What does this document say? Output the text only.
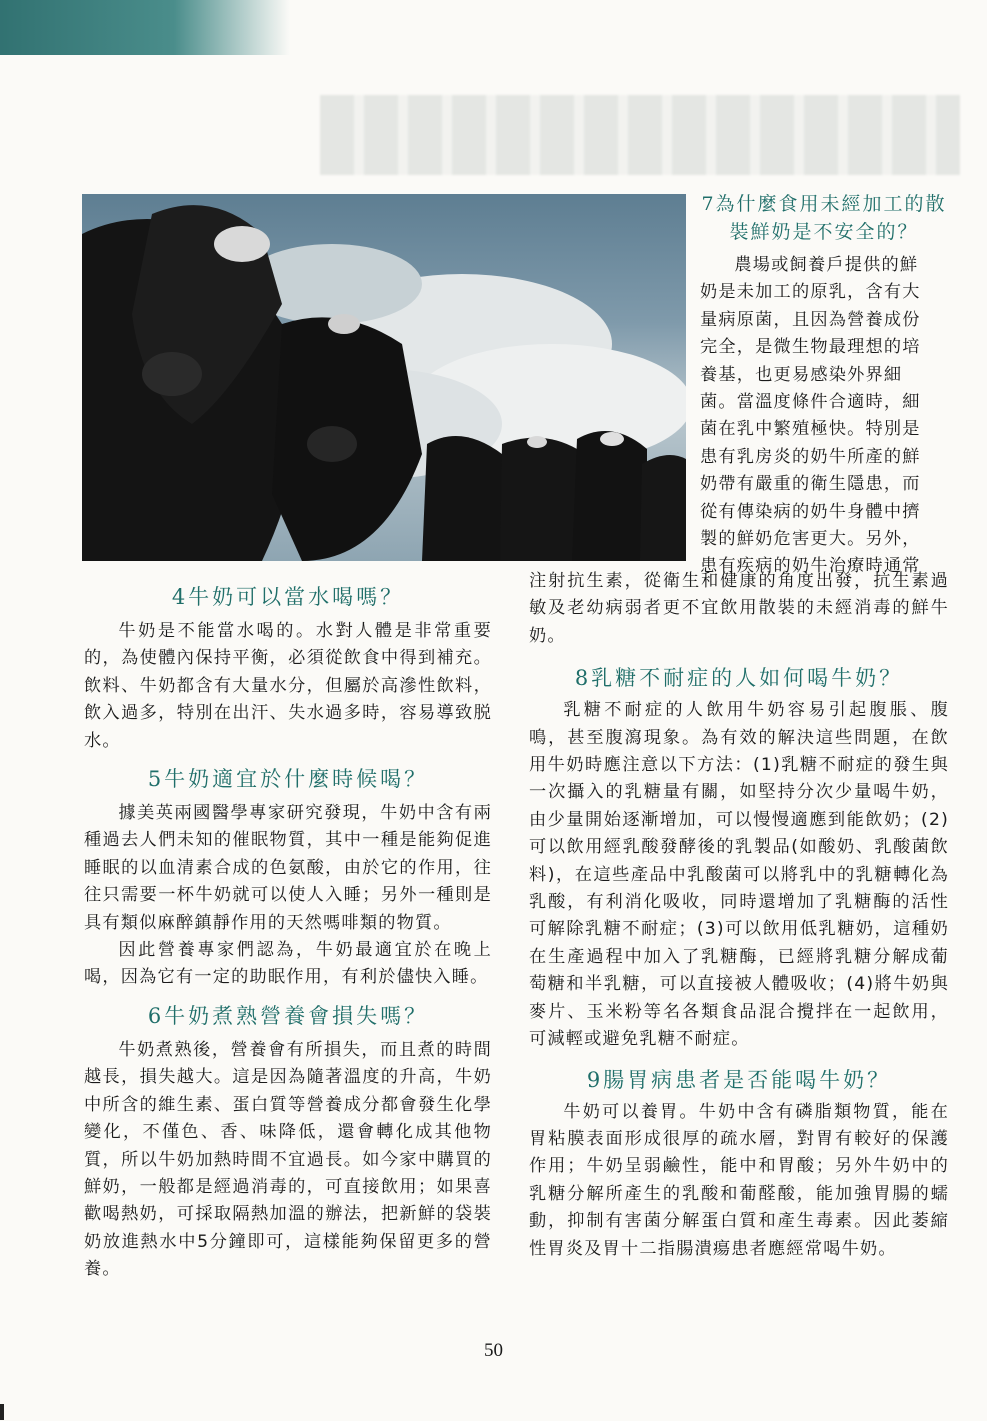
7為什麼食用未經加工的散
裝鮮奶是不安全的？
農場或飼養戶提供的鮮
奶是未加工的原乳，含有大
量病原菌，且因為營養成份
完全，是微生物最理想的培
養基，也更易感染外界細
菌。當溫度條件合適時，細
菌在乳中繁殖極快。特別是
患有乳房炎的奶牛所產的鮮
奶帶有嚴重的衛生隱患，而
從有傳染病的奶牛身體中擠
製的鮮奶危害更大。另外，
患有疾病的奶牛治療時通常
4牛奶可以當水喝嗎？

牛奶是不能當水喝的。水對人體是非常重要的，為使體內保持平衡，必須從飲食中得到補充。飲料、牛奶都含有大量水分，但屬於高滲性飲料，飲入過多，特別在出汗、失水過多時，容易導致脱水。

5牛奶適宜於什麼時候喝？

據美英兩國醫學專家研究發現，牛奶中含有兩種過去人們未知的催眠物質，其中一種是能夠促進睡眠的以血清素合成的色氨酸，由於它的作用，往往只需要一杯牛奶就可以使人入睡；另外一種則是具有類似麻醉鎮靜作用的天然嗎啡類的物質。

因此營養專家們認為，牛奶最適宜於在晚上喝，因為它有一定的助眠作用，有利於儘快入睡。

6牛奶煮熟營養會損失嗎？

牛奶煮熟後，營養會有所損失，而且煮的時間越長，損失越大。這是因為隨著溫度的升高，牛奶中所含的維生素、蛋白質等營養成分都會發生化學變化，不僅色、香、味降低，還會轉化成其他物質，所以牛奶加熱時間不宜過長。如今家中購買的鮮奶，一般都是經過消毒的，可直接飲用；如果喜歡喝熱奶，可採取隔熱加溫的辦法，把新鮮的袋裝奶放進熱水中5分鐘即可，這樣能夠保留更多的營養。

注射抗生素，從衛生和健康的角度出發，抗生素過敏及老幼病弱者更不宜飲用散裝的未經消毒的鮮牛奶。

8乳糖不耐症的人如何喝牛奶？

乳糖不耐症的人飲用牛奶容易引起腹脹、腹鳴，甚至腹瀉現象。為有效的解決這些問題，在飲用牛奶時應注意以下方法：(1)乳糖不耐症的發生與一次攝入的乳糖量有關，如堅持分次少量喝牛奶，由少量開始逐漸增加，可以慢慢適應到能飲奶；(2)可以飲用經乳酸發酵後的乳製品(如酸奶、乳酸菌飲料)，在這些產品中乳酸菌可以將乳中的乳糖轉化為乳酸，有利消化吸收，同時還增加了乳糖酶的活性可解除乳糖不耐症；(3)可以飲用低乳糖奶，這種奶在生產過程中加入了乳糖酶，已經將乳糖分解成葡萄糖和半乳糖，可以直接被人體吸收；(4)將牛奶與麥片、玉米粉等名各類食品混合攪拌在一起飲用，可減輕或避免乳糖不耐症。

9腸胃病患者是否能喝牛奶？

牛奶可以養胃。牛奶中含有磷脂類物質，能在胃粘膜表面形成很厚的疏水層，對胃有較好的保護作用；牛奶呈弱鹼性，能中和胃酸；另外牛奶中的乳糖分解所產生的乳酸和葡醛酸，能加強胃腸的蠕動，抑制有害菌分解蛋白質和產生毒素。因此萎縮性胃炎及胃十二指腸潰瘍患者應經常喝牛奶。

50
